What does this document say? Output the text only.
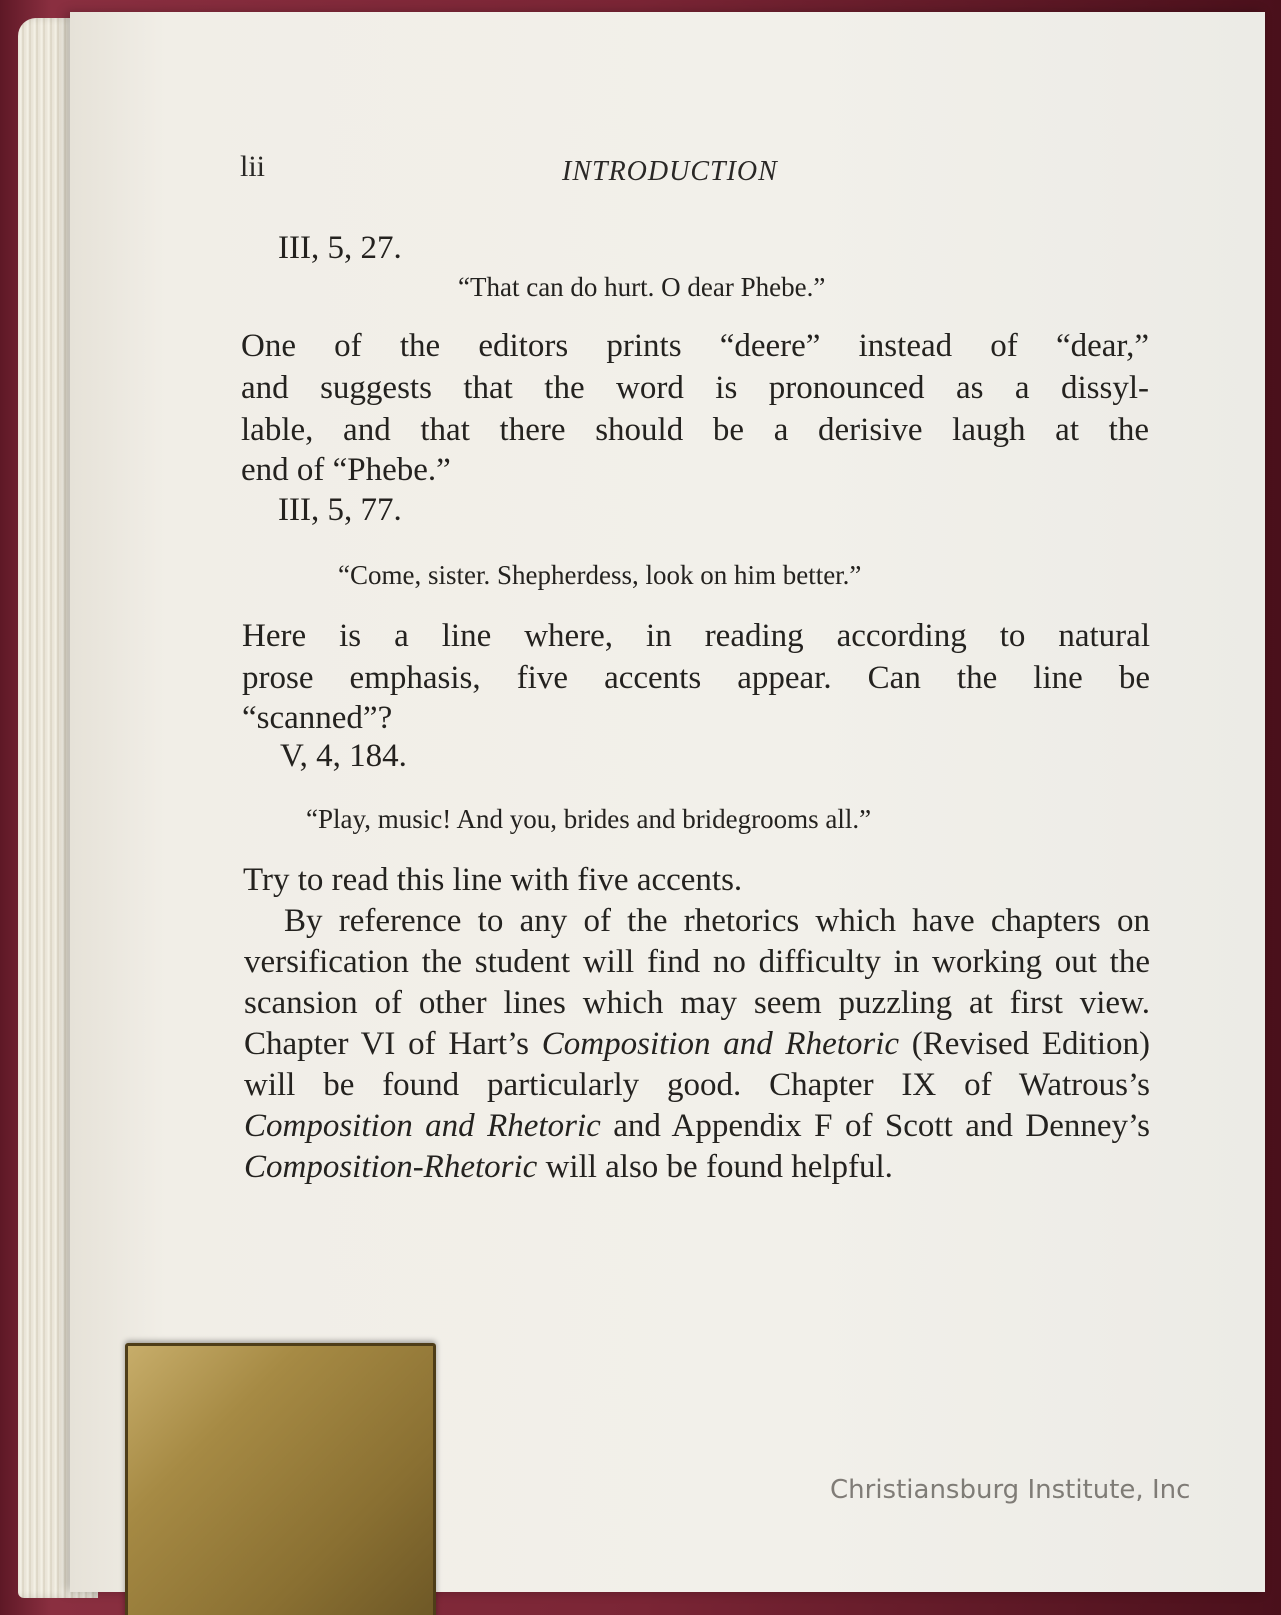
lii	INTRODUCTION
III, 5, 27.
“That can do hurt. O dear Phebe.”
One of the editors prints “deere” instead of “dear,”
and suggests that the word is pronounced as a dissyl-
lable, and that there should be a derisive laugh at the
end of “Phebe.”
III, 5, 77.
“Come, sister. Shepherdess, look on him better.”
Here is a line where, in reading according to natural
prose emphasis, five accents appear. Can the line be
“scanned”?
V, 4, 184.
“Play, music! And you, brides and bridegrooms all.”
Try to read this line with five accents.
By reference to any of the rhetorics which have chapters on versification the student will find no difficulty in working out the scansion of other lines which may seem puzzling at first view. Chapter VI of Hart’s Composition and Rhetoric (Revised Edition) will be found particularly good. Chapter IX of Watrous’s Composition and Rhetoric and Appendix F of Scott and Denney’s Composition-Rhetoric will also be found helpful.
Christiansburg Institute, Inc
